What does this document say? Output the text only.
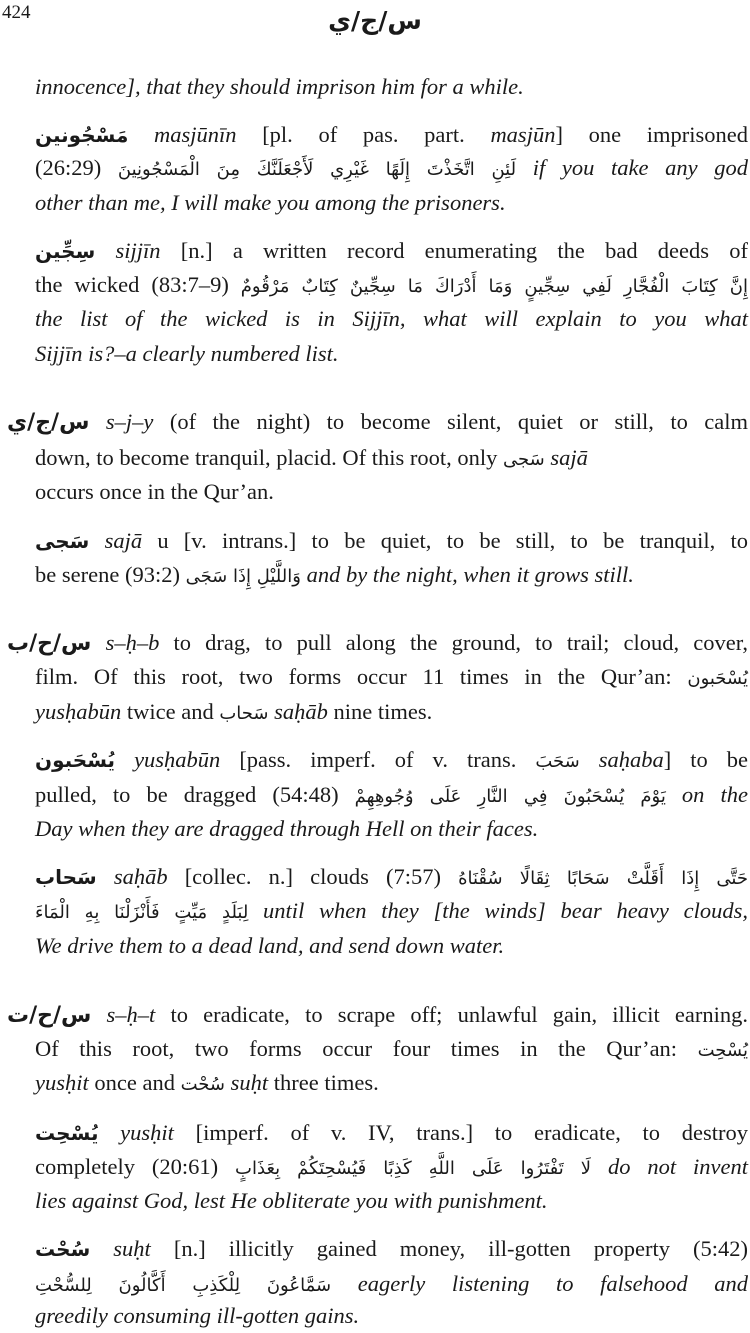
424	س/ج/ي
innocence], that they should imprison him for a while.
مَسْجُونين masjūnīn [pl. of pas. part. masjūn] one imprisoned
(26:29) لَئِنِ اتَّخَذْتَ إِلَهًا غَيْرِي لَأَجْعَلَنَّكَ مِنَ الْمَسْجُونِينَ if you take any god
other than me, I will make you among the prisoners.
سِجِّين sijjīn [n.] a written record enumerating the bad deeds of
the wicked (83:7–9) إِنَّ كِتَابَ الْفُجَّارِ لَفِي سِجِّينٍ وَمَا أَدْرَاكَ مَا سِجِّينٌ كِتَابٌ مَرْقُومٌ
the list of the wicked is in Sijjīn, what will explain to you what
Sijjīn is?–a clearly numbered list.
س/ج/ي s–j–y (of the night) to become silent, quiet or still, to calm
down, to become tranquil, placid. Of this root, only سَجى sajā
occurs once in the Qur’an.
سَجى sajā u [v. intrans.] to be quiet, to be still, to be tranquil, to
be serene (93:2) وَاللَّيْلِ إِذَا سَجَى and by the night, when it grows still.
س/ح/ب s–ḥ–b to drag, to pull along the ground, to trail; cloud, cover,
film. Of this root, two forms occur 11 times in the Qur’an: يُسْحَبون
yusḥabūn twice and سَحاب saḥāb nine times.
يُسْحَبون yusḥabūn [pass. imperf. of v. trans. سَحَبَ saḥaba] to be
pulled, to be dragged (54:48) يَوْمَ يُسْحَبُونَ فِي النَّارِ عَلَى وُجُوهِهِمْ on the
Day when they are dragged through Hell on their faces.
سَحاب saḥāb [collec. n.] clouds (7:57) حَتَّى إِذَا أَقَلَّتْ سَحَابًا ثِقَالًا سُقْنَاهُ
لِبَلَدٍ مَيِّتٍ فَأَنْزَلْنَا بِهِ الْمَاءَ until when they [the winds] bear heavy clouds,
We drive them to a dead land, and send down water.
س/ح/ت s–ḥ–t to eradicate, to scrape off; unlawful gain, illicit earning.
Of this root, two forms occur four times in the Qur’an: يُسْحِت
yusḥit once and سُحْت suḥt three times.
يُسْحِت yusḥit [imperf. of v. IV, trans.] to eradicate, to destroy
completely (20:61) لَا تَفْتَرُوا عَلَى اللَّهِ كَذِبًا فَيُسْحِتَكُمْ بِعَذَابٍ do not invent
lies against God, lest He obliterate you with punishment.
سُحْت suḥt [n.] illicitly gained money, ill-gotten property (5:42)
سَمَّاعُونَ لِلْكَذِبِ أَكَّالُونَ لِلسُّحْتِ eagerly listening to falsehood and
greedily consuming ill-gotten gains.
